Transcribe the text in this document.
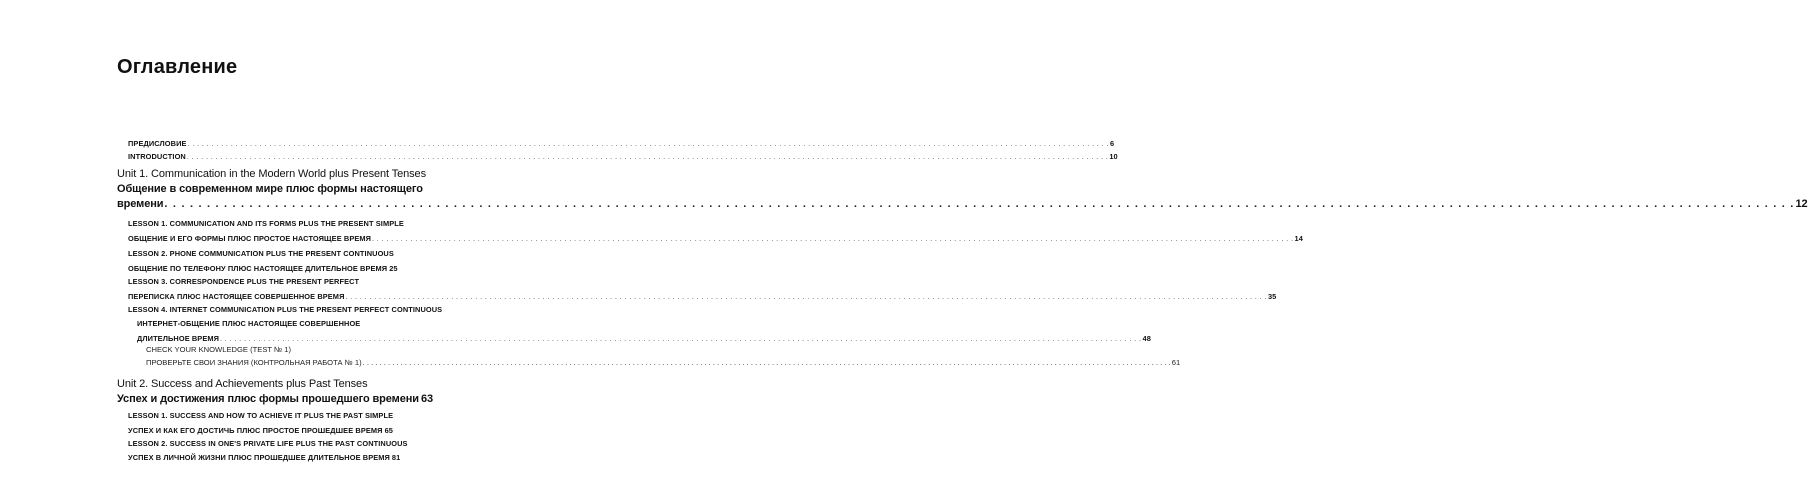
Оглавление
ПРЕДИСЛОВИЕ . . .	6
INTRODUCTION . . .	10
Unit 1. Communication in the Modern World plus Present Tenses
Общение в современном мире плюс формы настоящего
времени . . .	12
LESSON 1. COMMUNICATION AND ITS FORMS PLUS THE PRESENT SIMPLE
ОБЩЕНИЕ И ЕГО ФОРМЫ ПЛЮС ПРОСТОЕ НАСТОЯЩЕЕ ВРЕМЯ . . .	14
LESSON 2. PHONE COMMUNICATION PLUS THE PRESENT CONTINUOUS
ОБЩЕНИЕ ПО ТЕЛЕФОНУ ПЛЮС НАСТОЯЩЕЕ ДЛИТЕЛЬНОЕ ВРЕМЯ 25
LESSON 3. CORRESPONDENCE PLUS THE PRESENT PERFECT
ПЕРЕПИСКА ПЛЮС НАСТОЯЩЕЕ СОВЕРШЕННОЕ ВРЕМЯ . . .	35
LESSON 4. INTERNET COMMUNICATION PLUS THE PRESENT PERFECT CONTINUOUS
ИНТЕРНЕТ-ОБЩЕНИЕ ПЛЮС НАСТОЯЩЕЕ СОВЕРШЕННОЕ
ДЛИТЕЛЬНОЕ ВРЕМЯ . . .	48
CHECK YOUR KNOWLEDGE (TEST № 1)
ПРОВЕРЬТЕ СВОИ ЗНАНИЯ (КОНТРОЛЬНАЯ РАБОТА № 1) . . .	61
Unit 2. Success and Achievements plus Past Tenses
Успех и достижения плюс формы прошедшего времени 63
LESSON 1. SUCCESS AND HOW TO ACHIEVE IT PLUS THE PAST SIMPLE
УСПЕХ И КАК ЕГО ДОСТИЧЬ ПЛЮС ПРОСТОЕ ПРОШЕДШЕЕ ВРЕМЯ 65
LESSON 2. SUCCESS IN ONE'S PRIVATE LIFE PLUS THE PAST CONTINUOUS
УСПЕХ В ЛИЧНОЙ ЖИЗНИ ПЛЮС ПРОШЕДШЕЕ ДЛИТЕЛЬНОЕ ВРЕМЯ 81
